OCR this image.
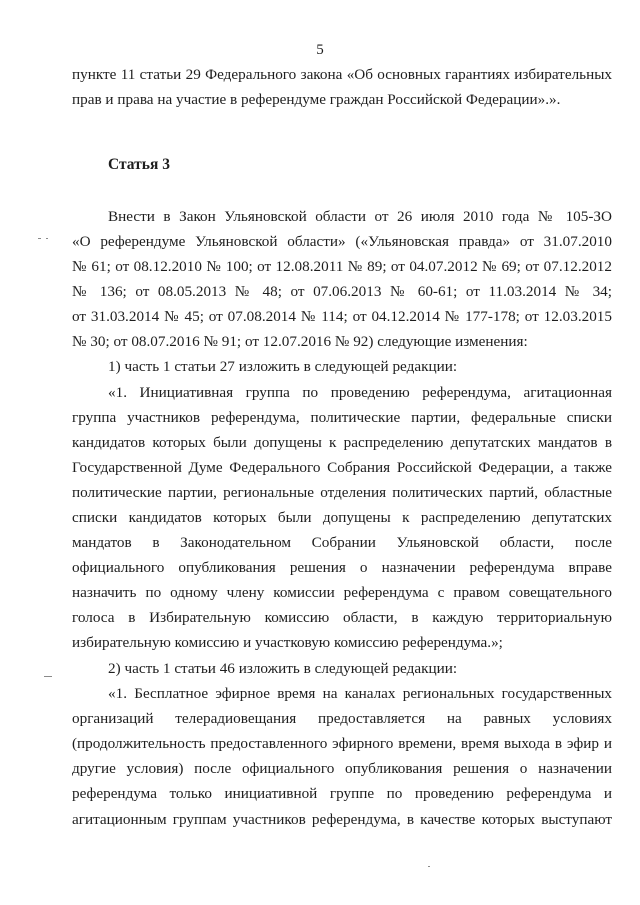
5
пункте 11 статьи 29 Федерального закона «Об основных гарантиях избирательных
прав и права на участие в референдуме граждан Российской Федерации».».
Статья 3
Внести в Закон Ульяновской области от 26 июля 2010 года № 105-ЗО
«О референдуме Ульяновской области» («Ульяновская правда» от 31.07.2010
№ 61; от 08.12.2010 № 100; от 12.08.2011 № 89; от 04.07.2012 № 69; от 07.12.2012
№ 136; от 08.05.2013 № 48; от 07.06.2013 № 60-61; от 11.03.2014 № 34;
от 31.03.2014 № 45; от 07.08.2014 № 114; от 04.12.2014 № 177-178; от 12.03.2015
№ 30; от 08.07.2016 № 91; от 12.07.2016 № 92) следующие изменения:
1) часть 1 статьи 27 изложить в следующей редакции:
«1. Инициативная группа по проведению референдума, агитационная
группа участников референдума, политические партии, федеральные списки
кандидатов которых были допущены к распределению депутатских мандатов в
Государственной Думе Федерального Собрания Российской Федерации, а также
политические партии, региональные отделения политических партий, областные
списки кандидатов которых были допущены к распределению депутатских
мандатов в Законодательном Собрании Ульяновской области, после
официального опубликования решения о назначении референдума вправе
назначить по одному члену комиссии референдума с правом совещательного
голоса в Избирательную комиссию области, в каждую территориальную
избирательную комиссию и участковую комиссию референдума.»;
2) часть 1 статьи 46 изложить в следующей редакции:
«1. Бесплатное эфирное время на каналах региональных государственных
организаций телерадиовещания предоставляется на равных условиях
(продолжительность предоставленного эфирного времени, время выхода в эфир и
другие условия) после официального опубликования решения о назначении
референдума только инициативной группе по проведению референдума и
агитационным группам участников референдума, в качестве которых выступают
